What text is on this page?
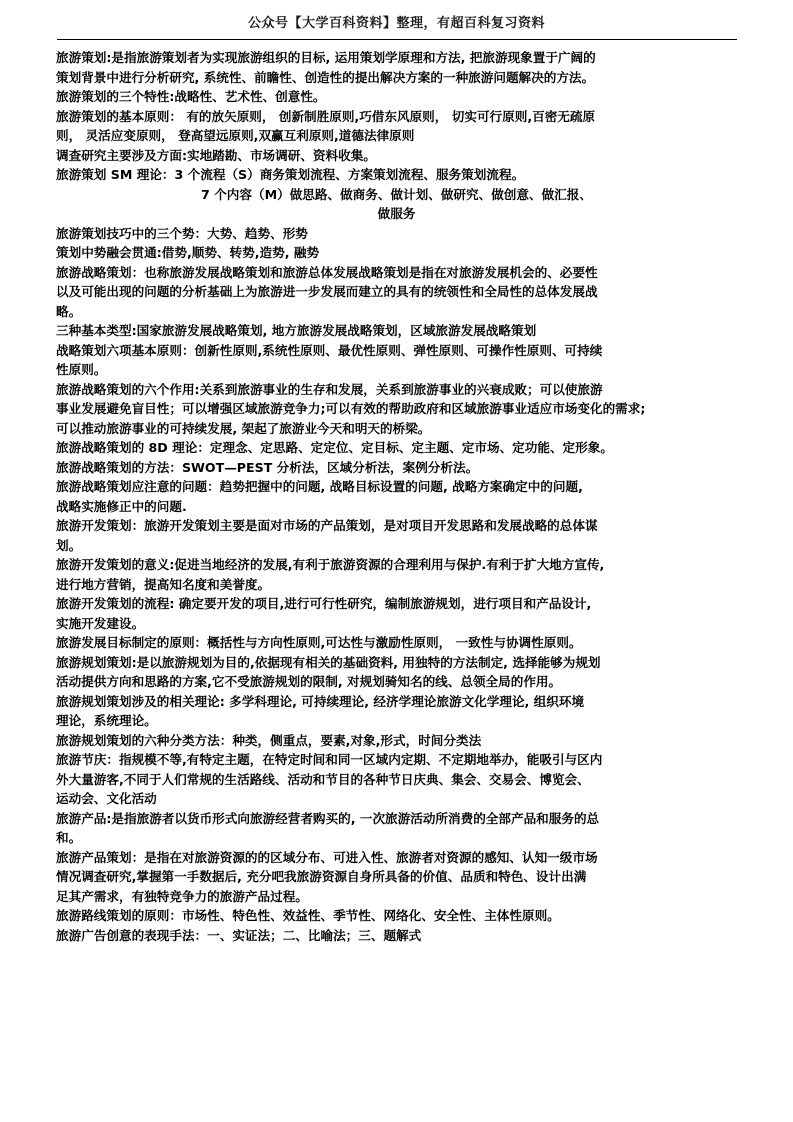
公众号【大学百科资料】整理，有超百科复习资料
旅游策划:是指旅游策划者为实现旅游组织的目标, 运用策划学原理和方法, 把旅游现象置于广阔的
策划背景中进行分析研究, 系统性、前瞻性、创造性的提出解决方案的一种旅游问题解决的方法。
旅游策划的三个特性:战略性、艺术性、创意性。
旅游策划的基本原则： 有的放矢原则， 创新制胜原则,巧借东风原则， 切实可行原则,百密无疏原
则， 灵活应变原则， 登高望远原则,双赢互利原则,道德法律原则
调查研究主要涉及方面:实地踏勘、市场调研、资料收集。
旅游策划 SM 理论：3 个流程（S）商务策划流程、方案策划流程、服务策划流程。
7 个内容（M）做思路、做商务、做计划、做研究、做创意、做汇报、
做服务
旅游策划技巧中的三个势：大势、趋势、形势
策划中势融会贯通:借势,顺势、转势,造势, 融势
旅游战略策划：也称旅游发展战略策划和旅游总体发展战略策划是指在对旅游发展机会的、必要性
以及可能出现的问题的分析基础上为旅游进一步发展而建立的具有的统领性和全局性的总体发展战
略。
三种基本类型:国家旅游发展战略策划, 地方旅游发展战略策划，区域旅游发展战略策划
战略策划六项基本原则：创新性原则,系统性原则、最优性原则、弹性原则、可操作性原则、可持续
性原则。
旅游战略策划的六个作用:关系到旅游事业的生存和发展，关系到旅游事业的兴衰成败；可以使旅游
事业发展避免盲目性；可以增强区域旅游竞争力;可以有效的帮助政府和区域旅游事业适应市场变化的需求;
可以推动旅游事业的可持续发展, 架起了旅游业今天和明天的桥梁。
旅游战略策划的 8D 理论：定理念、定思路、定定位、定目标、定主题、定市场、定功能、定形象。
旅游战略策划的方法：SWOT—PEST 分析法，区域分析法，案例分析法。
旅游战略策划应注意的问题：趋势把握中的问题, 战略目标设置的问题, 战略方案确定中的问题,
战略实施修正中的问题.
旅游开发策划：旅游开发策划主要是面对市场的产品策划，是对项目开发思路和发展战略的总体谋
划。
旅游开发策划的意义:促进当地经济的发展,有利于旅游资源的合理利用与保护.有利于扩大地方宣传,
进行地方营销，提高知名度和美誉度。
旅游开发策划的流程: 确定要开发的项目,进行可行性研究，编制旅游规划，进行项目和产品设计,
实施开发建设。
旅游发展目标制定的原则：概括性与方向性原则,可达性与激励性原则， 一致性与协调性原则。
旅游规划策划:是以旅游规划为目的,依据现有相关的基础资料, 用独特的方法制定, 选择能够为规划
活动提供方向和思路的方案,它不受旅游规划的限制, 对规划骑知名的线、总领全局的作用。
旅游规划策划涉及的相关理论: 多学科理论, 可持续理论, 经济学理论旅游文化学理论, 组织环境
理论，系统理论。
旅游规划策划的六种分类方法：种类，侧重点，要素,对象,形式，时间分类法
旅游节庆：指规模不等,有特定主题，在特定时间和同一区域内定期、不定期地举办，能吸引与区内
外大量游客,不同于人们常规的生活路线、活动和节目的各种节日庆典、集会、交易会、博览会、
运动会、文化活动
旅游产品:是指旅游者以货币形式向旅游经营者购买的, 一次旅游活动所消费的全部产品和服务的总
和。
旅游产品策划：是指在对旅游资源的的区域分布、可进入性、旅游者对资源的感知、认知一级市场
情况调查研究,掌握第一手数据后, 充分吧我旅游资源自身所具备的价值、品质和特色、设计出满
足其产需求，有独特竞争力的旅游产品过程。
旅游路线策划的原则：市场性、特色性、效益性、季节性、网络化、安全性、主体性原则。
旅游广告创意的表现手法：一、实证法；二、比喻法；三、题解式
